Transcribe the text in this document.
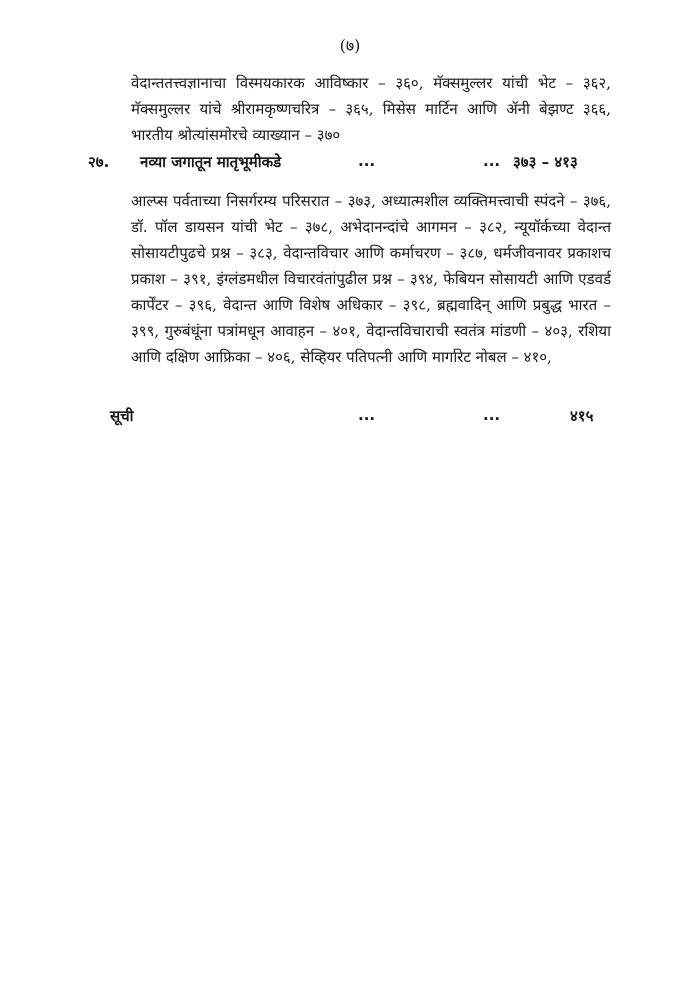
(७)
वेदान्ततत्त्वज्ञानाचा विस्मयकारक आविष्कार – ३६०, मॅक्समुल्लर यांची भेट – ३६२, मॅक्समुल्लर यांचे श्रीरामकृष्णचरित्र – ३६५, मिसेस मार्टिन आणि ॲनी बेझण्ट ३६६, भारतीय श्रोत्यांसमोरचे व्याख्यान – ३७०
२७. नव्या जगातून मातृभूमीकडे	...	... ३७३ – ४१३
आल्प्स पर्वताच्या निसर्गरम्य परिसरात – ३७३, अध्यात्मशील व्यक्तिमत्त्वाची स्पंदने – ३७६, डॉ. पॉल डायसन यांची भेट – ३७८, अभेदानन्दांचे आगमन – ३८२, न्यूयॉर्कच्या वेदान्त सोसायटीपुढचे प्रश्न – ३८३, वेदान्तविचार आणि कर्माचरण – ३८७, धर्मजीवनावर प्रकाशच प्रकाश – ३९१, इंग्लंडमधील विचारवंतांपुढील प्रश्न – ३९४, फेबियन सोसायटी आणि एडवर्ड कार्पेंटर – ३९६, वेदान्त आणि विशेष अधिकार – ३९८, ब्रह्मवादिन् आणि प्रबुद्ध भारत – ३९९, गुरुबंधूंना पत्रांमधून आवाहन – ४०१, वेदान्तविचाराची स्वतंत्र मांडणी – ४०३, रशिया आणि दक्षिण आफ्रिका – ४०६, सेव्हियर पतिपत्नी आणि मार्गारेट नोबल – ४१०,
सूची	...	...	४१५
